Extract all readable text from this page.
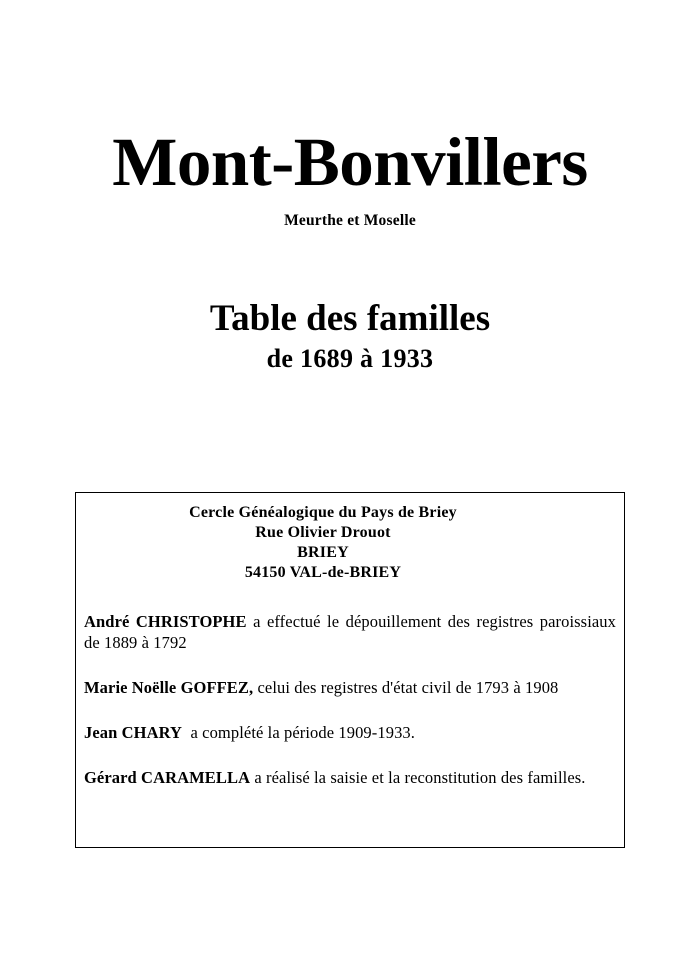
Mont-Bonvillers
Meurthe et Moselle
Table des familles
de 1689 à 1933
Cercle Généalogique du Pays de Briey
Rue Olivier Drouot
BRIEY
54150 VAL-de-BRIEY

André CHRISTOPHE a effectué le dépouillement des registres paroissiaux de 1889 à 1792

Marie Noëlle GOFFEZ, celui des registres d'état civil de 1793 à 1908

Jean CHARY a complété la période 1909-1933.

Gérard CARAMELLA a réalisé la saisie et la reconstitution des familles.
